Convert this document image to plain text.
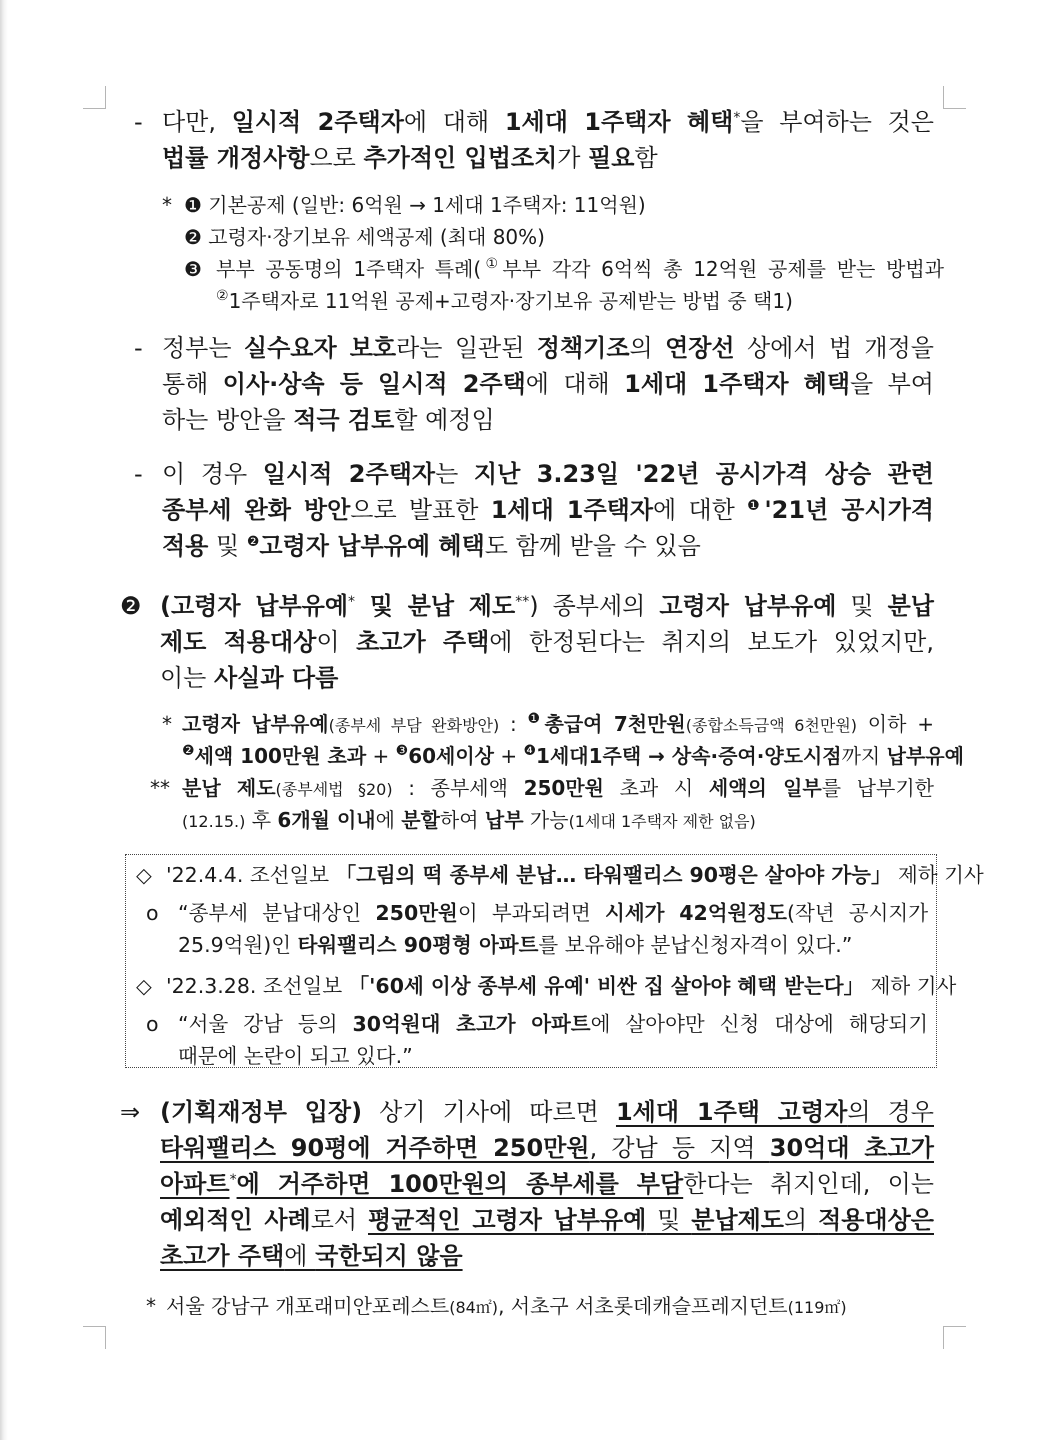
- 다만, 일시적 2주택자에 대해 1세대 1주택자 혜택*을 부여하는 것은
법률 개정사항으로 추가적인 입법조치가 필요함
* ❶ 기본공제 (일반: 6억원 → 1세대 1주택자: 11억원)
❷ 고령자·장기보유 세액공제 (최대 80%)
❸ 부부 공동명의 1주택자 특례(①부부 각각 6억씩 총 12억원 공제를 받는 방법과
②1주택자로 11억원 공제+고령자·장기보유 공제받는 방법 중 택1)
- 정부는 실수요자 보호라는 일관된 정책기조의 연장선 상에서 법 개정을
통해 이사·상속 등 일시적 2주택에 대해 1세대 1주택자 혜택을 부여
하는 방안을 적극 검토할 예정임
- 이 경우 일시적 2주택자는 지난 3.23일 '22년 공시가격 상승 관련
종부세 완화 방안으로 발표한 1세대 1주택자에 대한 $^❶$'21년 공시가격
적용 및 $^❷$고령자 납부유예 혜택도 함께 받을 수 있음
❷ (고령자 납부유예* 및 분납 제도**) 종부세의 고령자 납부유예 및 분납
제도 적용대상이 초고가 주택에 한정된다는 취지의 보도가 있었지만,
이는 사실과 다름
* 고령자 납부유예(종부세 부담 완화방안) : $^❶$총급여 7천만원(종합소득금액 6천만원) 이하 +
$^❷$세액 100만원 초과 + $^❸$60세이상 + $^❹$1세대1주택 → 상속·증여·양도시점까지 납부유예
** 분납 제도(종부세법 §20) : 종부세액 250만원 초과 시 세액의 일부를 납부기한
(12.15.) 후 6개월 이내에 분할하여 납부 가능(1세대 1주택자 제한 없음)
◇ '22.4.4. 조선일보 「그림의 떡 종부세 분납… 타워팰리스 90평은 살아야 가능」 제하 기사
o “종부세 분납대상인 250만원이 부과되려면 시세가 42억원정도(작년 공시지가
25.9억원)인 타워팰리스 90평형 아파트를 보유해야 분납신청자격이 있다.”
◇ '22.3.28. 조선일보 「'60세 이상 종부세 유예' 비싼 집 살아야 혜택 받는다」 제하 기사
o “서울 강남 등의 30억원대 초고가 아파트에 살아야만 신청 대상에 해당되기
때문에 논란이 되고 있다.”
⇒ (기획재정부 입장) 상기 기사에 따르면 1세대 1주택 고령자의 경우
타워팰리스 90평에 거주하면 250만원, 강남 등 지역 30억대 초고가
아파트*에 거주하면 100만원의 종부세를 부담한다는 취지인데, 이는
예외적인 사례로서 평균적인 고령자 납부유예 및 분납제도의 적용대상은
초고가 주택에 국한되지 않음
* 서울 강남구 개포래미안포레스트(84㎡), 서초구 서초롯데캐슬프레지던트(119㎡)
